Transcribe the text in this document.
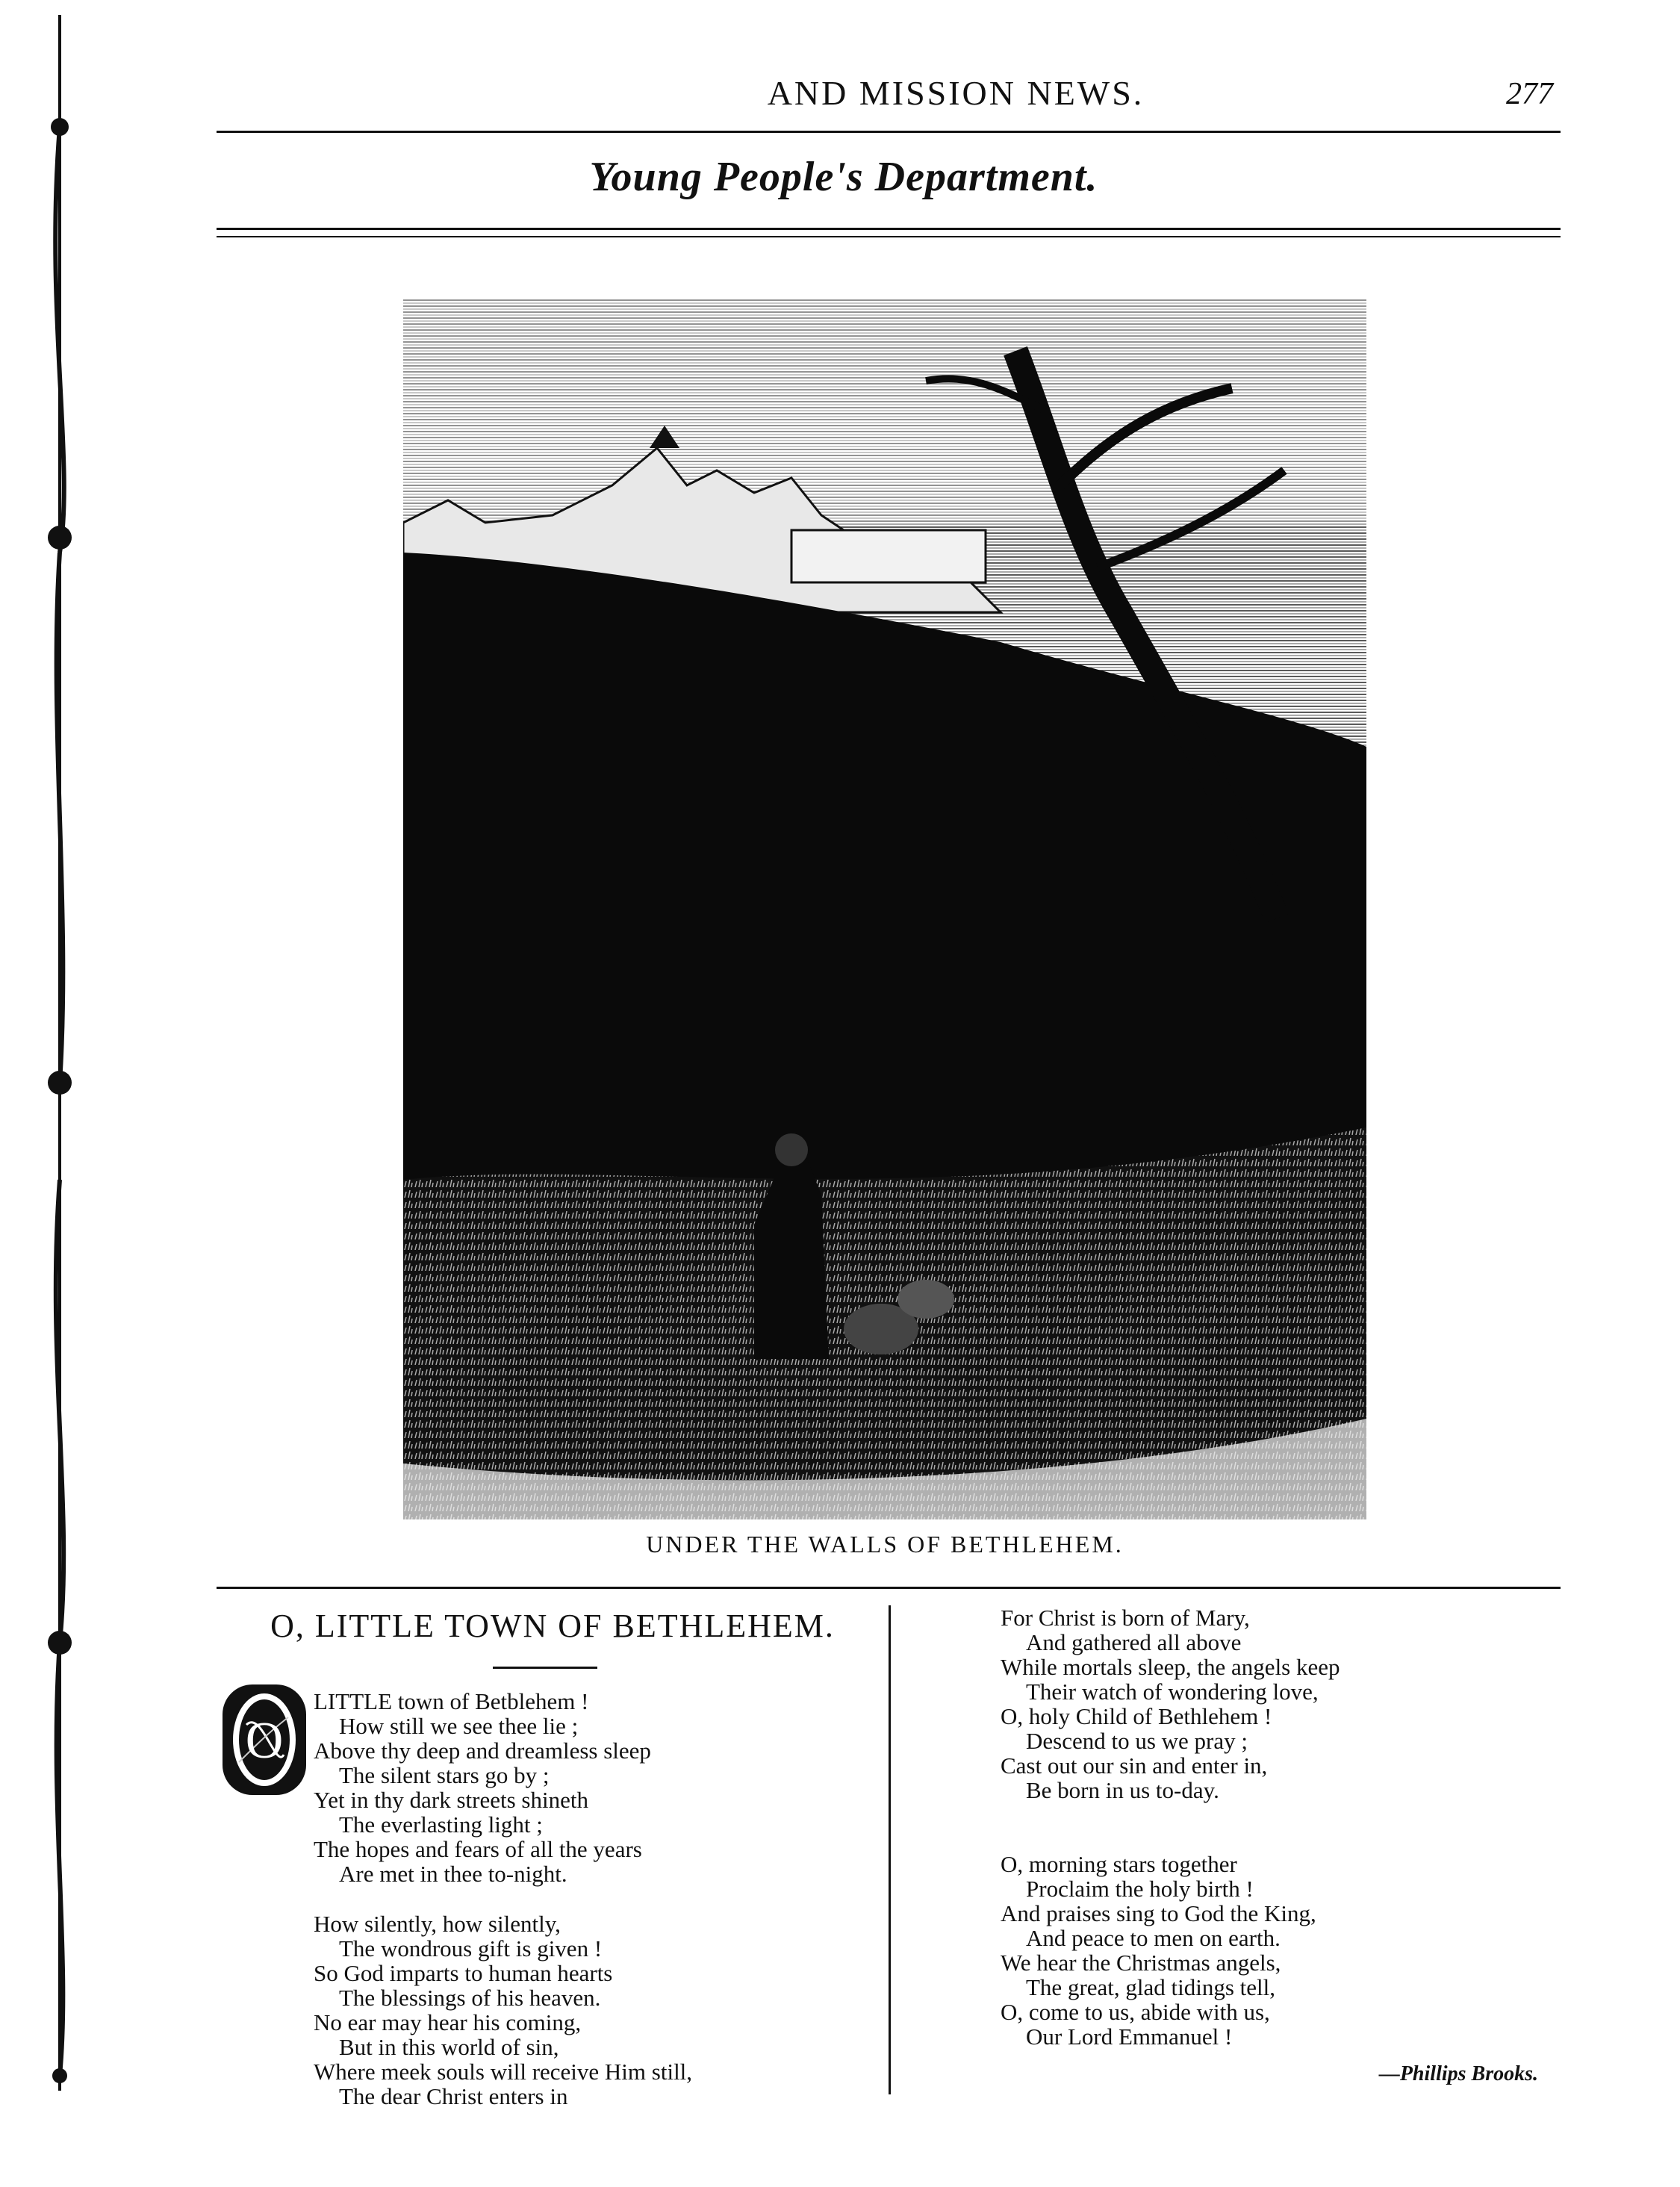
AND MISSION NEWS.	277
Young People's Department.
UNDER THE WALLS OF BETHLEHEM.
O, LITTLE TOWN OF BETHLEHEM.
O
LITTLE town of Betblehem !
How still we see thee lie ;
Above thy deep and dreamless sleep
The silent stars go by ;
Yet in thy dark streets shineth
The everlasting light ;
The hopes and fears of all the years
Are met in thee to-night.
How silently, how silently,
The wondrous gift is given !
So God imparts to human hearts
The blessings of his heaven.
No ear may hear his coming,
But in this world of sin,
Where meek souls will receive Him still,
The dear Christ enters in
For Christ is born of Mary,
And gathered all above
While mortals sleep, the angels keep
Their watch of wondering love,
O, holy Child of Bethlehem !
Descend to us we pray ;
Cast out our sin and enter in,
Be born in us to-day.
O, morning stars together
Proclaim the holy birth !
And praises sing to God the King,
And peace to men on earth.
We hear the Christmas angels,
The great, glad tidings tell,
O, come to us, abide with us,
Our Lord Emmanuel !
—Phillips Brooks.
